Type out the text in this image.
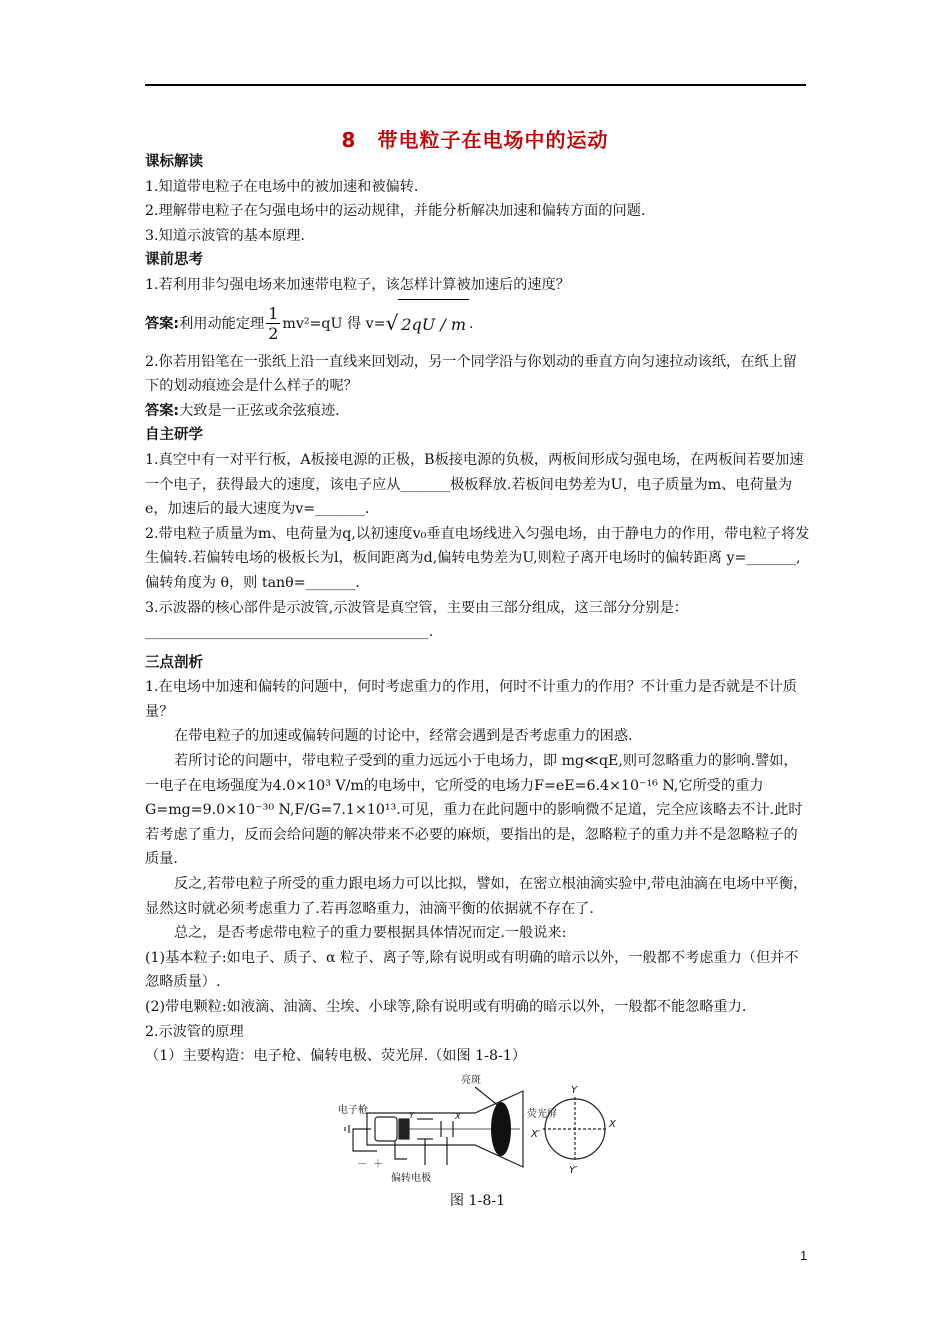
8　带电粒子在电场中的运动

课标解读

1.知道带电粒子在电场中的被加速和被偏转.

2.理解带电粒子在匀强电场中的运动规律，并能分析解决加速和偏转方面的问题.

3.知道示波管的基本原理.

课前思考

1.若利用非匀强电场来加速带电粒子，该怎样计算被加速后的速度？

答案:利用动能定理 $\frac{1}{2} mv^2=qU$ 得 v=√ 2qU / m .

2.你若用铅笔在一张纸上沿一直线来回划动，另一个同学沿与你划动的垂直方向匀速拉动该纸，在纸上留下的划动痕迹会是什么样子的呢？

答案:大致是一正弦或余弦痕迹.

自主研学

1.真空中有一对平行板，A板接电源的正极，B板接电源的负极，两板间形成匀强电场，在两板间若要加速一个电子，获得最大的速度，该电子应从_______极板释放.若板间电势差为U，电子质量为m、电荷量为e，加速后的最大速度为v=_______.

2.带电粒子质量为m、电荷量为q,以初速度v₀垂直电场线进入匀强电场，由于静电力的作用，带电粒子将发生偏转.若偏转电场的极板长为l，板间距离为d,偏转电势差为U,则粒子离开电场时的偏转距离 y=_______,偏转角度为 θ，则 tanθ=_______.

3.示波器的核心部件是示波管,示波管是真空管，主要由三部分组成，这三部分分别是：________________________________________.

三点剖析

1.在电场中加速和偏转的问题中，何时考虑重力的作用，何时不计重力的作用？不计重力是否就是不计质量？

在带电粒子的加速或偏转问题的讨论中，经常会遇到是否考虑重力的困惑.

若所讨论的问题中，带电粒子受到的重力远远小于电场力，即 mg≪qE,则可忽略重力的影响.譬如，一电子在电场强度为4.0×10³ V/m的电场中，它所受的电场力F=eE=6.4×10⁻¹⁶ N,它所受的重力G=mg=9.0×10⁻³⁰ N,F/G=7.1×10¹³.可见，重力在此问题中的影响微不足道，完全应该略去不计.此时若考虑了重力，反而会给问题的解决带来不必要的麻烦，要指出的是，忽略粒子的重力并不是忽略粒子的质量.

反之,若带电粒子所受的重力跟电场力可以比拟，譬如，在密立根油滴实验中,带电油滴在电场中平衡，显然这时就必须考虑重力了.若再忽略重力，油滴平衡的依据就不存在了.

总之，是否考虑带电粒子的重力要根据具体情况而定.一般说来:

(1)基本粒子:如电子、质子、α 粒子、离子等,除有说明或有明确的暗示以外，一般都不考虑重力（但并不忽略质量）.

(2)带电颗粒:如液滴、油滴、尘埃、小球等,除有说明或有明确的暗示以外，一般都不能忽略重力.

2.示波管的原理

（1）主要构造：电子枪、偏转电极、荧光屏.（如图 1-8-1）

电子枪
亮斑
荧光屏
偏转电极
Y
Y′
X
X′
－ ＋
Y	X

图 1-8-1

1
